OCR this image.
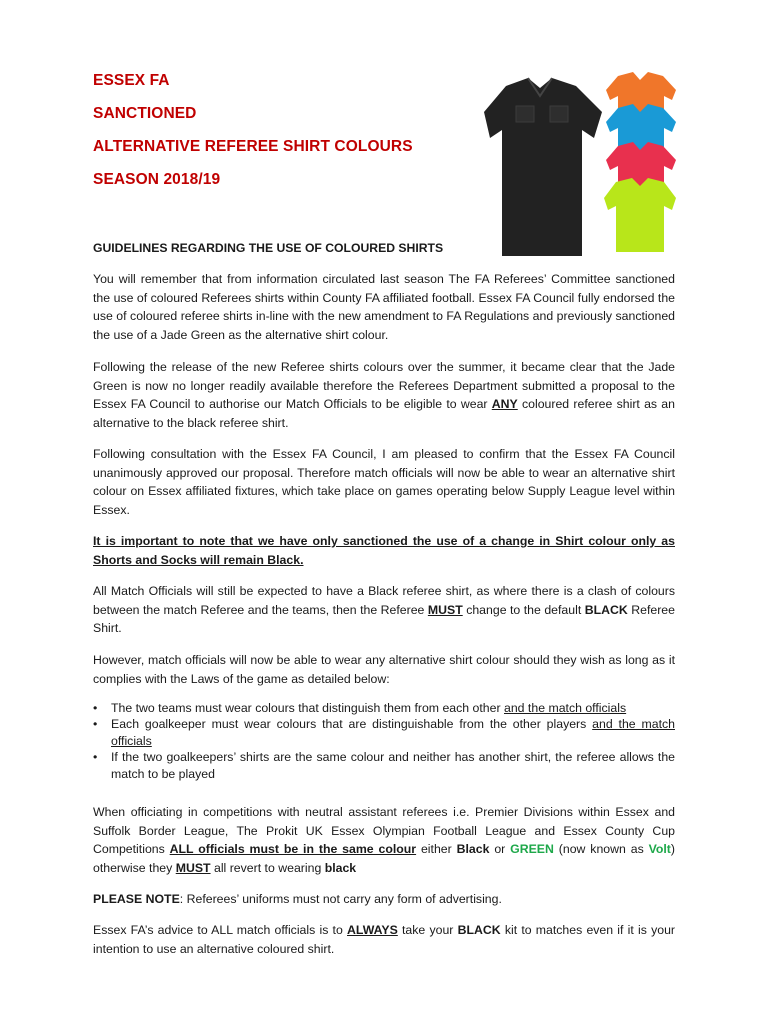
ESSEX FA
SANCTIONED
ALTERNATIVE REFEREE SHIRT COLOURS
SEASON 2018/19
GUIDELINES REGARDING THE USE OF COLOURED SHIRTS

You will remember that from information circulated last season The FA Referees’ Committee sanctioned the use of coloured Referees shirts within County FA affiliated football. Essex FA Council fully endorsed the use of coloured referee shirts in-line with the new amendment to FA Regulations and previously sanctioned the use of a Jade Green as the alternative shirt colour.

Following the release of the new Referee shirts colours over the summer, it became clear that the Jade Green is now no longer readily available therefore the Referees Department submitted a proposal to the Essex FA Council to authorise our Match Officials to be eligible to wear ANY coloured referee shirt as an alternative to the black referee shirt.

Following consultation with the Essex FA Council, I am pleased to confirm that the Essex FA Council unanimously approved our proposal. Therefore match officials will now be able to wear an alternative shirt colour on Essex affiliated fixtures, which take place on games operating below Supply League level within Essex.

It is important to note that we have only sanctioned the use of a change in Shirt colour only as Shorts and Socks will remain Black.

All Match Officials will still be expected to have a Black referee shirt, as where there is a clash of colours between the match Referee and the teams, then the Referee MUST change to the default BLACK Referee Shirt.

However, match officials will now be able to wear any alternative shirt colour should they wish as long as it complies with the Laws of the game as detailed below:

• The two teams must wear colours that distinguish them from each other and the match officials
• Each goalkeeper must wear colours that are distinguishable from the other players and the match officials
• If the two goalkeepers’ shirts are the same colour and neither has another shirt, the referee allows the match to be played

When officiating in competitions with neutral assistant referees i.e. Premier Divisions within Essex and Suffolk Border League, The Prokit UK Essex Olympian Football League and Essex County Cup Competitions ALL officials must be in the same colour either Black or GREEN (now known as Volt) otherwise they MUST all revert to wearing black

PLEASE NOTE: Referees’ uniforms must not carry any form of advertising.

Essex FA’s advice to ALL match officials is to ALWAYS take your BLACK kit to matches even if it is your intention to use an alternative coloured shirt.
